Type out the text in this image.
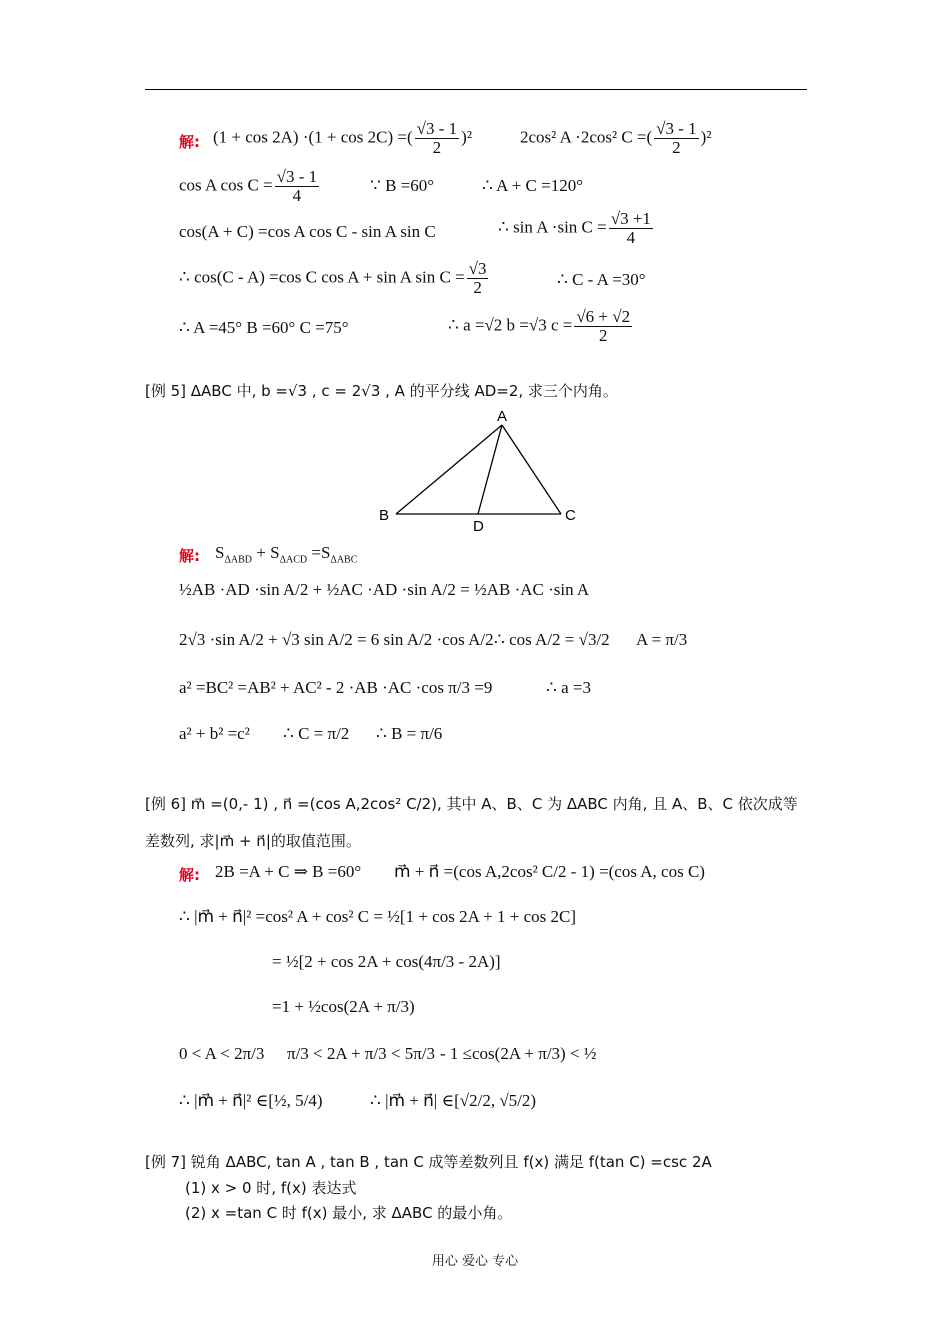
解: (1 + cos 2A) ·(1 + cos 2C) =( $\frac{√3 - 1}{2} )^2$	2cos² A ·2cos² C =( $\frac{√3 - 1}{2} )^2$
cos A $\cos C = \frac{√3 - 1}{4}$	∵ B =60°	∴ A + C =120°
cos(A + C) =cos A cos C - sin A sin C	∴ sin A ·sin $C = \frac{√3 +1}{4}$
∴ cos(C - A) =cos C cos A + sin A $\sin C = \frac{√3}{2}$	∴ C - A =30°
∴ A =45° B =60° C =75°	∴ a =√2 b =√3 $c = \frac{√6 + √2}{2}$
[例 5] ΔABC 中, b =√3 , c = 2√3 , A 的平分线 AD=2, 求三个内角。
A
B	C
D
解: $S_{\Delta ABD} + S_{\Delta ACD} =S_{\Delta ABC}$
½AB ·AD ·sin A/2 + ½AC ·AD ·sin A/2 = ½AB ·AC ·sin A
2√3 ·sin A/2 + √3 sin A/2 = 6 sin A/2 ·cos A/2 ∴ cos A/2 = √3/2 A = π/3
a² =BC² =AB² + AC² - 2 ·AB ·AC ·cos π/3 =9	∴ a =3
a² + b² =c² ∴ C = π/2 ∴ B = π/6
[例 6] m⃗ =(0,- 1) , n⃗ =(cos A,2cos² C/2), 其中 A、B、C 为 ΔABC 内角, 且 A、B、C 依次成等
差数列, 求|m⃗ + n⃗|的取值范围。
解: 2B =A + C ⇒ B =60° m⃗ + n⃗ =(cos A,2cos² C/2 - 1) =(cos A, cos C)
∴ |m⃗ + n⃗|² =cos² A + cos² C = ½[1 + cos 2A + 1 + cos 2C]
= ½[2 + cos 2A + cos(4π/3 - 2A)]
=1 + ½cos(2A + π/3)
0 < A < 2π/3 π/3 < 2A + π/3 < 5π/3 - 1 ≤cos(2A + π/3) < ½
∴ |m⃗ + n⃗|² ∈[½, 5/4)	∴ |m⃗ + n⃗| ∈[√2/2, √5/2)
[例 7] 锐角 ΔABC, tan A , tan B , tan C 成等差数列且 f(x) 满足 f(tan C) =csc 2A
(1) x > 0 时, f(x) 表达式
(2) x =tan C 时 f(x) 最小, 求 ΔABC 的最小角。
用心 爱心 专心
